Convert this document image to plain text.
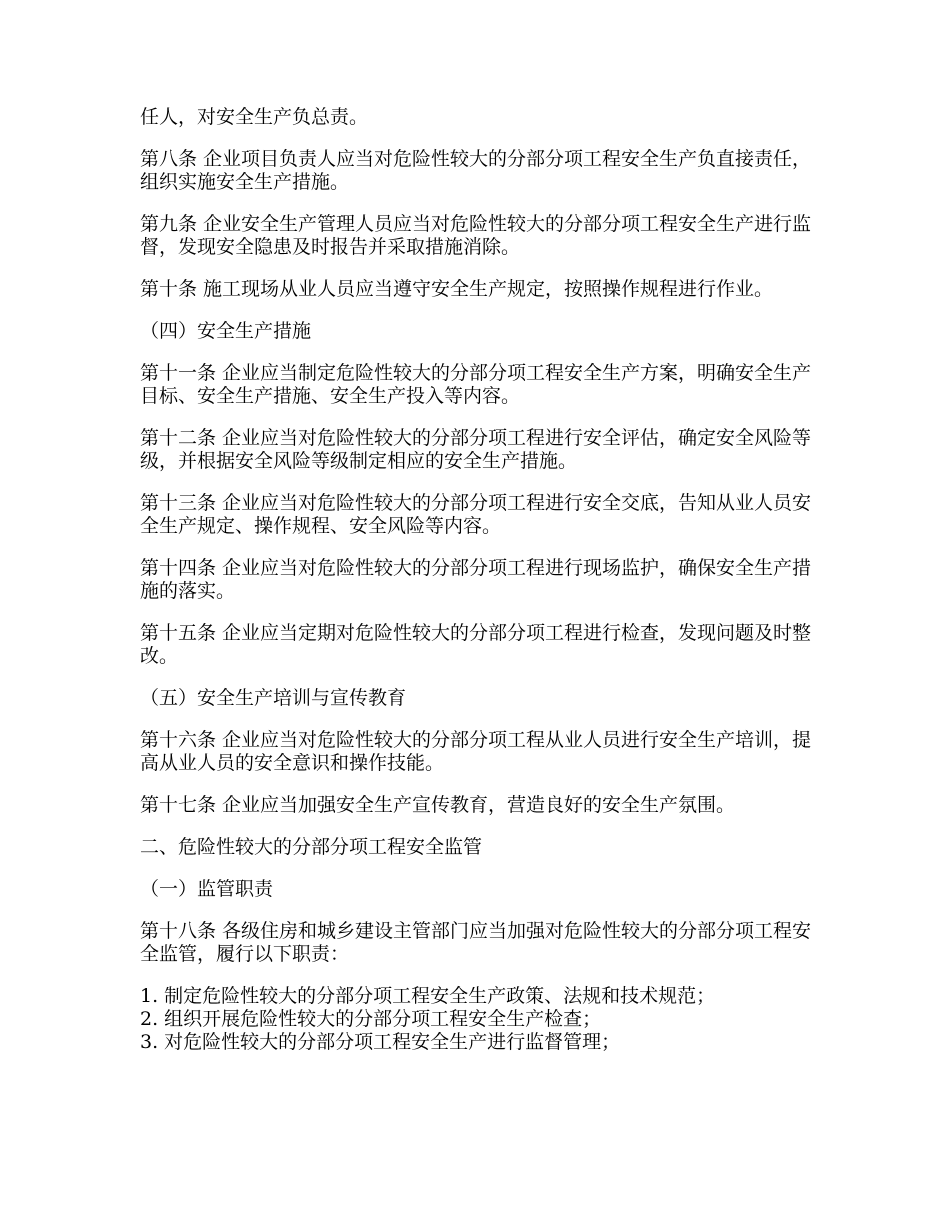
任人，对安全生产负总责。

第八条 企业项目负责人应当对危险性较大的分部分项工程安全生产负直接责任，组织实施安全生产措施。

第九条 企业安全生产管理人员应当对危险性较大的分部分项工程安全生产进行监督，发现安全隐患及时报告并采取措施消除。

第十条 施工现场从业人员应当遵守安全生产规定，按照操作规程进行作业。

（四）安全生产措施

第十一条 企业应当制定危险性较大的分部分项工程安全生产方案，明确安全生产目标、安全生产措施、安全生产投入等内容。

第十二条 企业应当对危险性较大的分部分项工程进行安全评估，确定安全风险等级，并根据安全风险等级制定相应的安全生产措施。

第十三条 企业应当对危险性较大的分部分项工程进行安全交底，告知从业人员安全生产规定、操作规程、安全风险等内容。

第十四条 企业应当对危险性较大的分部分项工程进行现场监护，确保安全生产措施的落实。

第十五条 企业应当定期对危险性较大的分部分项工程进行检查，发现问题及时整改。

（五）安全生产培训与宣传教育

第十六条 企业应当对危险性较大的分部分项工程从业人员进行安全生产培训，提高从业人员的安全意识和操作技能。

第十七条 企业应当加强安全生产宣传教育，营造良好的安全生产氛围。

二、危险性较大的分部分项工程安全监管

（一）监管职责

第十八条 各级住房和城乡建设主管部门应当加强对危险性较大的分部分项工程安全监管，履行以下职责：

1. 制定危险性较大的分部分项工程安全生产政策、法规和技术规范；
2. 组织开展危险性较大的分部分项工程安全生产检查；
3. 对危险性较大的分部分项工程安全生产进行监督管理；
